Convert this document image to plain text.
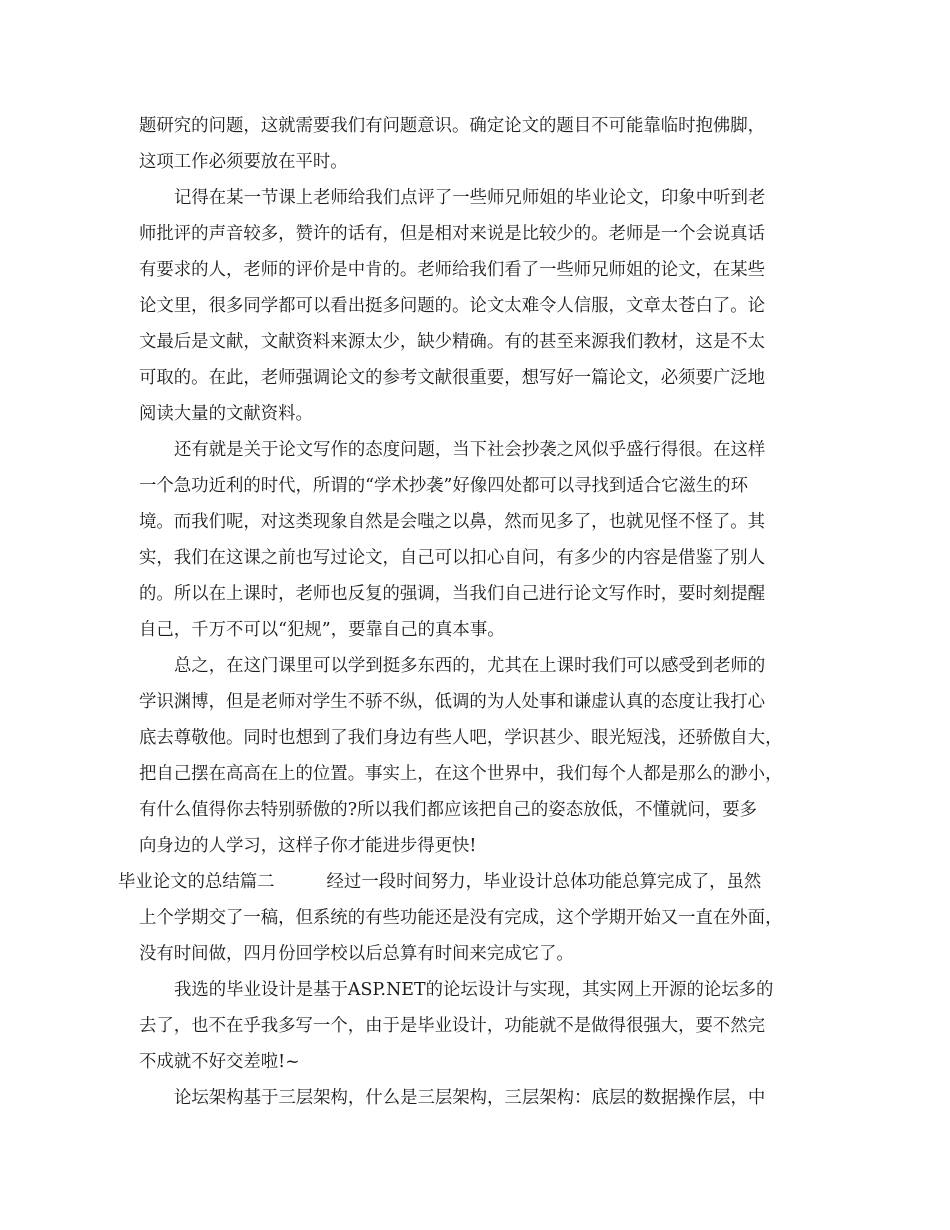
题研究的问题，这就需要我们有问题意识。确定论文的题目不可能靠临时抱佛脚，
这项工作必须要放在平时。
记得在某一节课上老师给我们点评了一些师兄师姐的毕业论文，印象中听到老
师批评的声音较多，赞许的话有，但是相对来说是比较少的。老师是一个会说真话
有要求的人，老师的评价是中肯的。老师给我们看了一些师兄师姐的论文，在某些
论文里，很多同学都可以看出挺多问题的。论文太难令人信服，文章太苍白了。论
文最后是文献，文献资料来源太少，缺少精确。有的甚至来源我们教材，这是不太
可取的。在此，老师强调论文的参考文献很重要，想写好一篇论文，必须要广泛地
阅读大量的文献资料。
还有就是关于论文写作的态度问题，当下社会抄袭之风似乎盛行得很。在这样
一个急功近利的时代，所谓的“学术抄袭”好像四处都可以寻找到适合它滋生的环
境。而我们呢，对这类现象自然是会嗤之以鼻，然而见多了，也就见怪不怪了。其
实，我们在这课之前也写过论文，自己可以扣心自问，有多少的内容是借鉴了别人
的。所以在上课时，老师也反复的强调，当我们自己进行论文写作时，要时刻提醒
自己，千万不可以“犯规”，要靠自己的真本事。
总之，在这门课里可以学到挺多东西的，尤其在上课时我们可以感受到老师的
学识渊博，但是老师对学生不骄不纵，低调的为人处事和谦虚认真的态度让我打心
底去尊敬他。同时也想到了我们身边有些人吧，学识甚少、眼光短浅，还骄傲自大，
把自己摆在高高在上的位置。事实上，在这个世界中，我们每个人都是那么的渺小，
有什么值得你去特别骄傲的?所以我们都应该把自己的姿态放低，不懂就问，要多
向身边的人学习，这样子你才能进步得更快!
毕业论文的总结篇二	经过一段时间努力，毕业设计总体功能总算完成了，虽然
上个学期交了一稿，但系统的有些功能还是没有完成，这个学期开始又一直在外面，
没有时间做，四月份回学校以后总算有时间来完成它了。
我选的毕业设计是基于ASP.NET的论坛设计与实现，其实网上开源的论坛多的
去了，也不在乎我多写一个，由于是毕业设计，功能就不是做得很强大，要不然完
不成就不好交差啦!~
论坛架构基于三层架构，什么是三层架构，三层架构：底层的数据操作层，中
